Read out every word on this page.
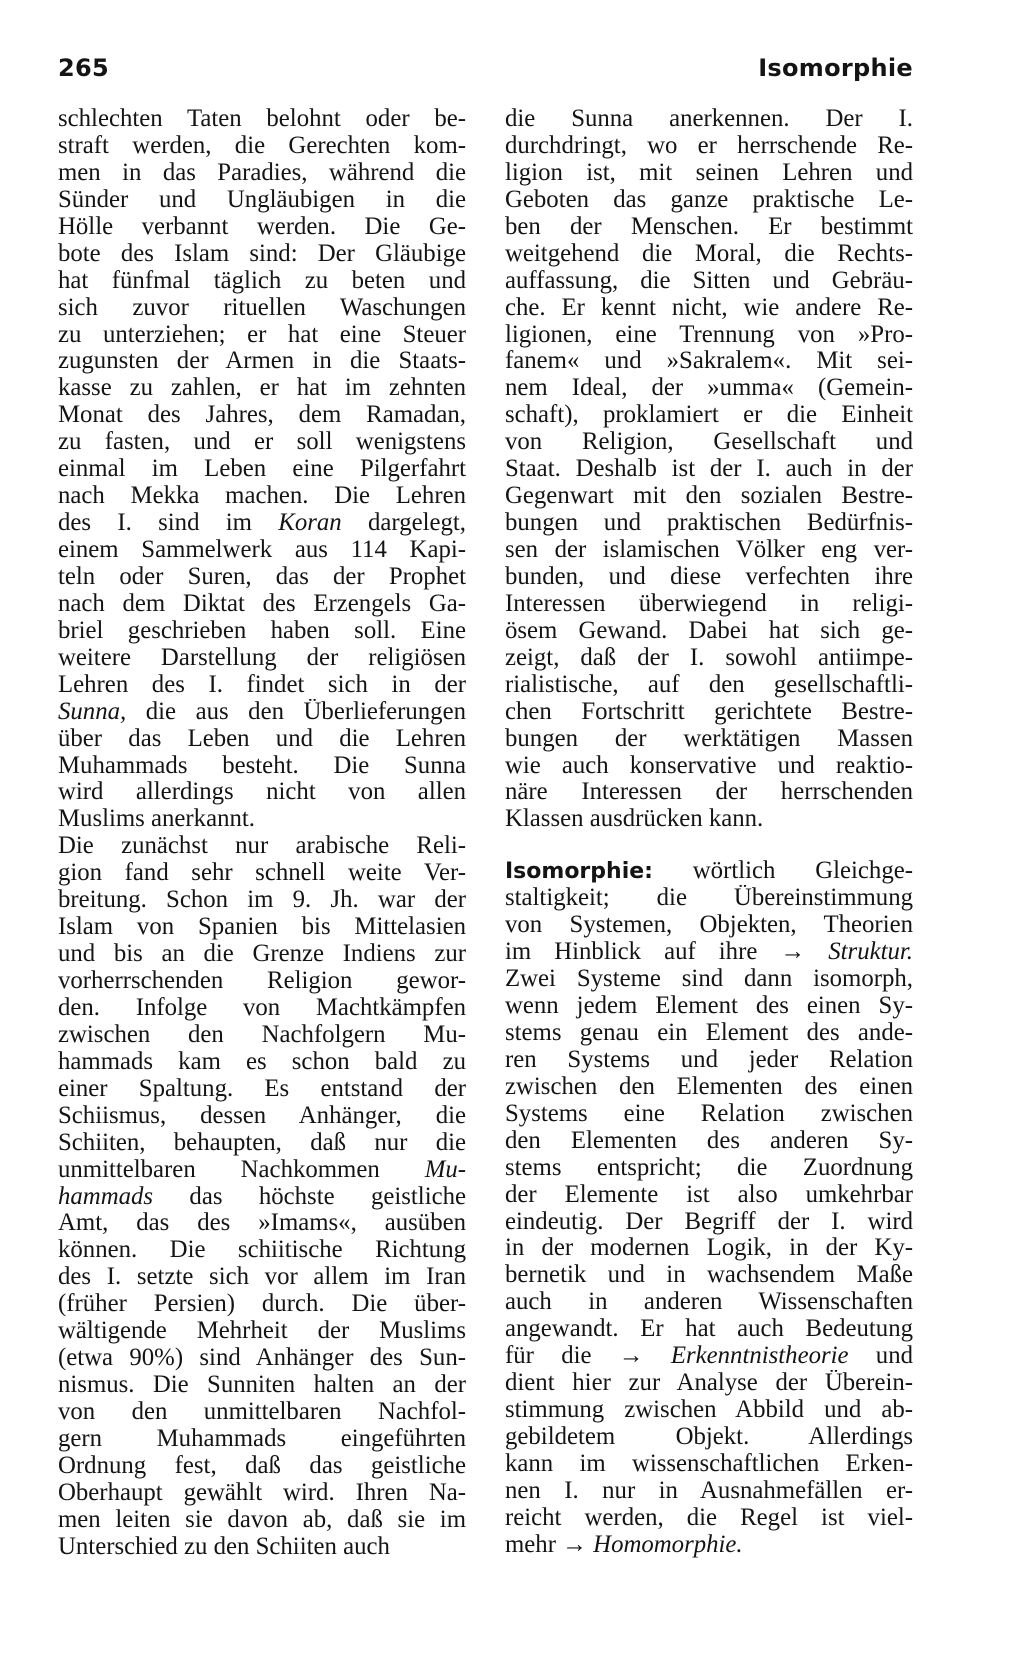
265	Isomorphie
schlechten Taten belohnt oder be-
straft werden, die Gerechten kom-
men in das Paradies, während die
Sünder und Ungläubigen in die
Hölle verbannt werden. Die Ge-
bote des Islam sind: Der Gläubige
hat fünfmal täglich zu beten und
sich zuvor rituellen Waschungen
zu unterziehen; er hat eine Steuer
zugunsten der Armen in die Staats-
kasse zu zahlen, er hat im zehnten
Monat des Jahres, dem Ramadan,
zu fasten, und er soll wenigstens
einmal im Leben eine Pilgerfahrt
nach Mekka machen. Die Lehren
des I. sind im Koran dargelegt,
einem Sammelwerk aus 114 Kapi-
teln oder Suren, das der Prophet
nach dem Diktat des Erzengels Ga-
briel geschrieben haben soll. Eine
weitere Darstellung der religiösen
Lehren des I. findet sich in der
Sunna, die aus den Überlieferungen
über das Leben und die Lehren
Muhammads besteht. Die Sunna
wird allerdings nicht von allen
Muslims anerkannt.
Die zunächst nur arabische Reli-
gion fand sehr schnell weite Ver-
breitung. Schon im 9. Jh. war der
Islam von Spanien bis Mittelasien
und bis an die Grenze Indiens zur
vorherrschenden Religion gewor-
den. Infolge von Machtkämpfen
zwischen den Nachfolgern Mu-
hammads kam es schon bald zu
einer Spaltung. Es entstand der
Schiismus, dessen Anhänger, die
Schiiten, behaupten, daß nur die
unmittelbaren Nachkommen Mu-
hammads das höchste geistliche
Amt, das des »Imams«, ausüben
können. Die schiitische Richtung
des I. setzte sich vor allem im Iran
(früher Persien) durch. Die über-
wältigende Mehrheit der Muslims
(etwa 90%) sind Anhänger des Sun-
nismus. Die Sunniten halten an der
von den unmittelbaren Nachfol-
gern Muhammads eingeführten
Ordnung fest, daß das geistliche
Oberhaupt gewählt wird. Ihren Na-
men leiten sie davon ab, daß sie im
Unterschied zu den Schiiten auch
die Sunna anerkennen. Der I.
durchdringt, wo er herrschende Re-
ligion ist, mit seinen Lehren und
Geboten das ganze praktische Le-
ben der Menschen. Er bestimmt
weitgehend die Moral, die Rechts-
auffassung, die Sitten und Gebräu-
che. Er kennt nicht, wie andere Re-
ligionen, eine Trennung von »Pro-
fanem« und »Sakralem«. Mit sei-
nem Ideal, der »umma« (Gemein-
schaft), proklamiert er die Einheit
von Religion, Gesellschaft und
Staat. Deshalb ist der I. auch in der
Gegenwart mit den sozialen Bestre-
bungen und praktischen Bedürfnis-
sen der islamischen Völker eng ver-
bunden, und diese verfechten ihre
Interessen überwiegend in religi-
ösem Gewand. Dabei hat sich ge-
zeigt, daß der I. sowohl antiimpe-
rialistische, auf den gesellschaftli-
chen Fortschritt gerichtete Bestre-
bungen der werktätigen Massen
wie auch konservative und reaktio-
näre Interessen der herrschenden
Klassen ausdrücken kann.
Isomorphie: wörtlich Gleichge-
staltigkeit; die Übereinstimmung
von Systemen, Objekten, Theorien
im Hinblick auf ihre → Struktur.
Zwei Systeme sind dann isomorph,
wenn jedem Element des einen Sy-
stems genau ein Element des ande-
ren Systems und jeder Relation
zwischen den Elementen des einen
Systems eine Relation zwischen
den Elementen des anderen Sy-
stems entspricht; die Zuordnung
der Elemente ist also umkehrbar
eindeutig. Der Begriff der I. wird
in der modernen Logik, in der Ky-
bernetik und in wachsendem Maße
auch in anderen Wissenschaften
angewandt. Er hat auch Bedeutung
für die → Erkenntnistheorie und
dient hier zur Analyse der Überein-
stimmung zwischen Abbild und ab-
gebildetem Objekt. Allerdings
kann im wissenschaftlichen Erken-
nen I. nur in Ausnahmefällen er-
reicht werden, die Regel ist viel-
mehr → Homomorphie.
